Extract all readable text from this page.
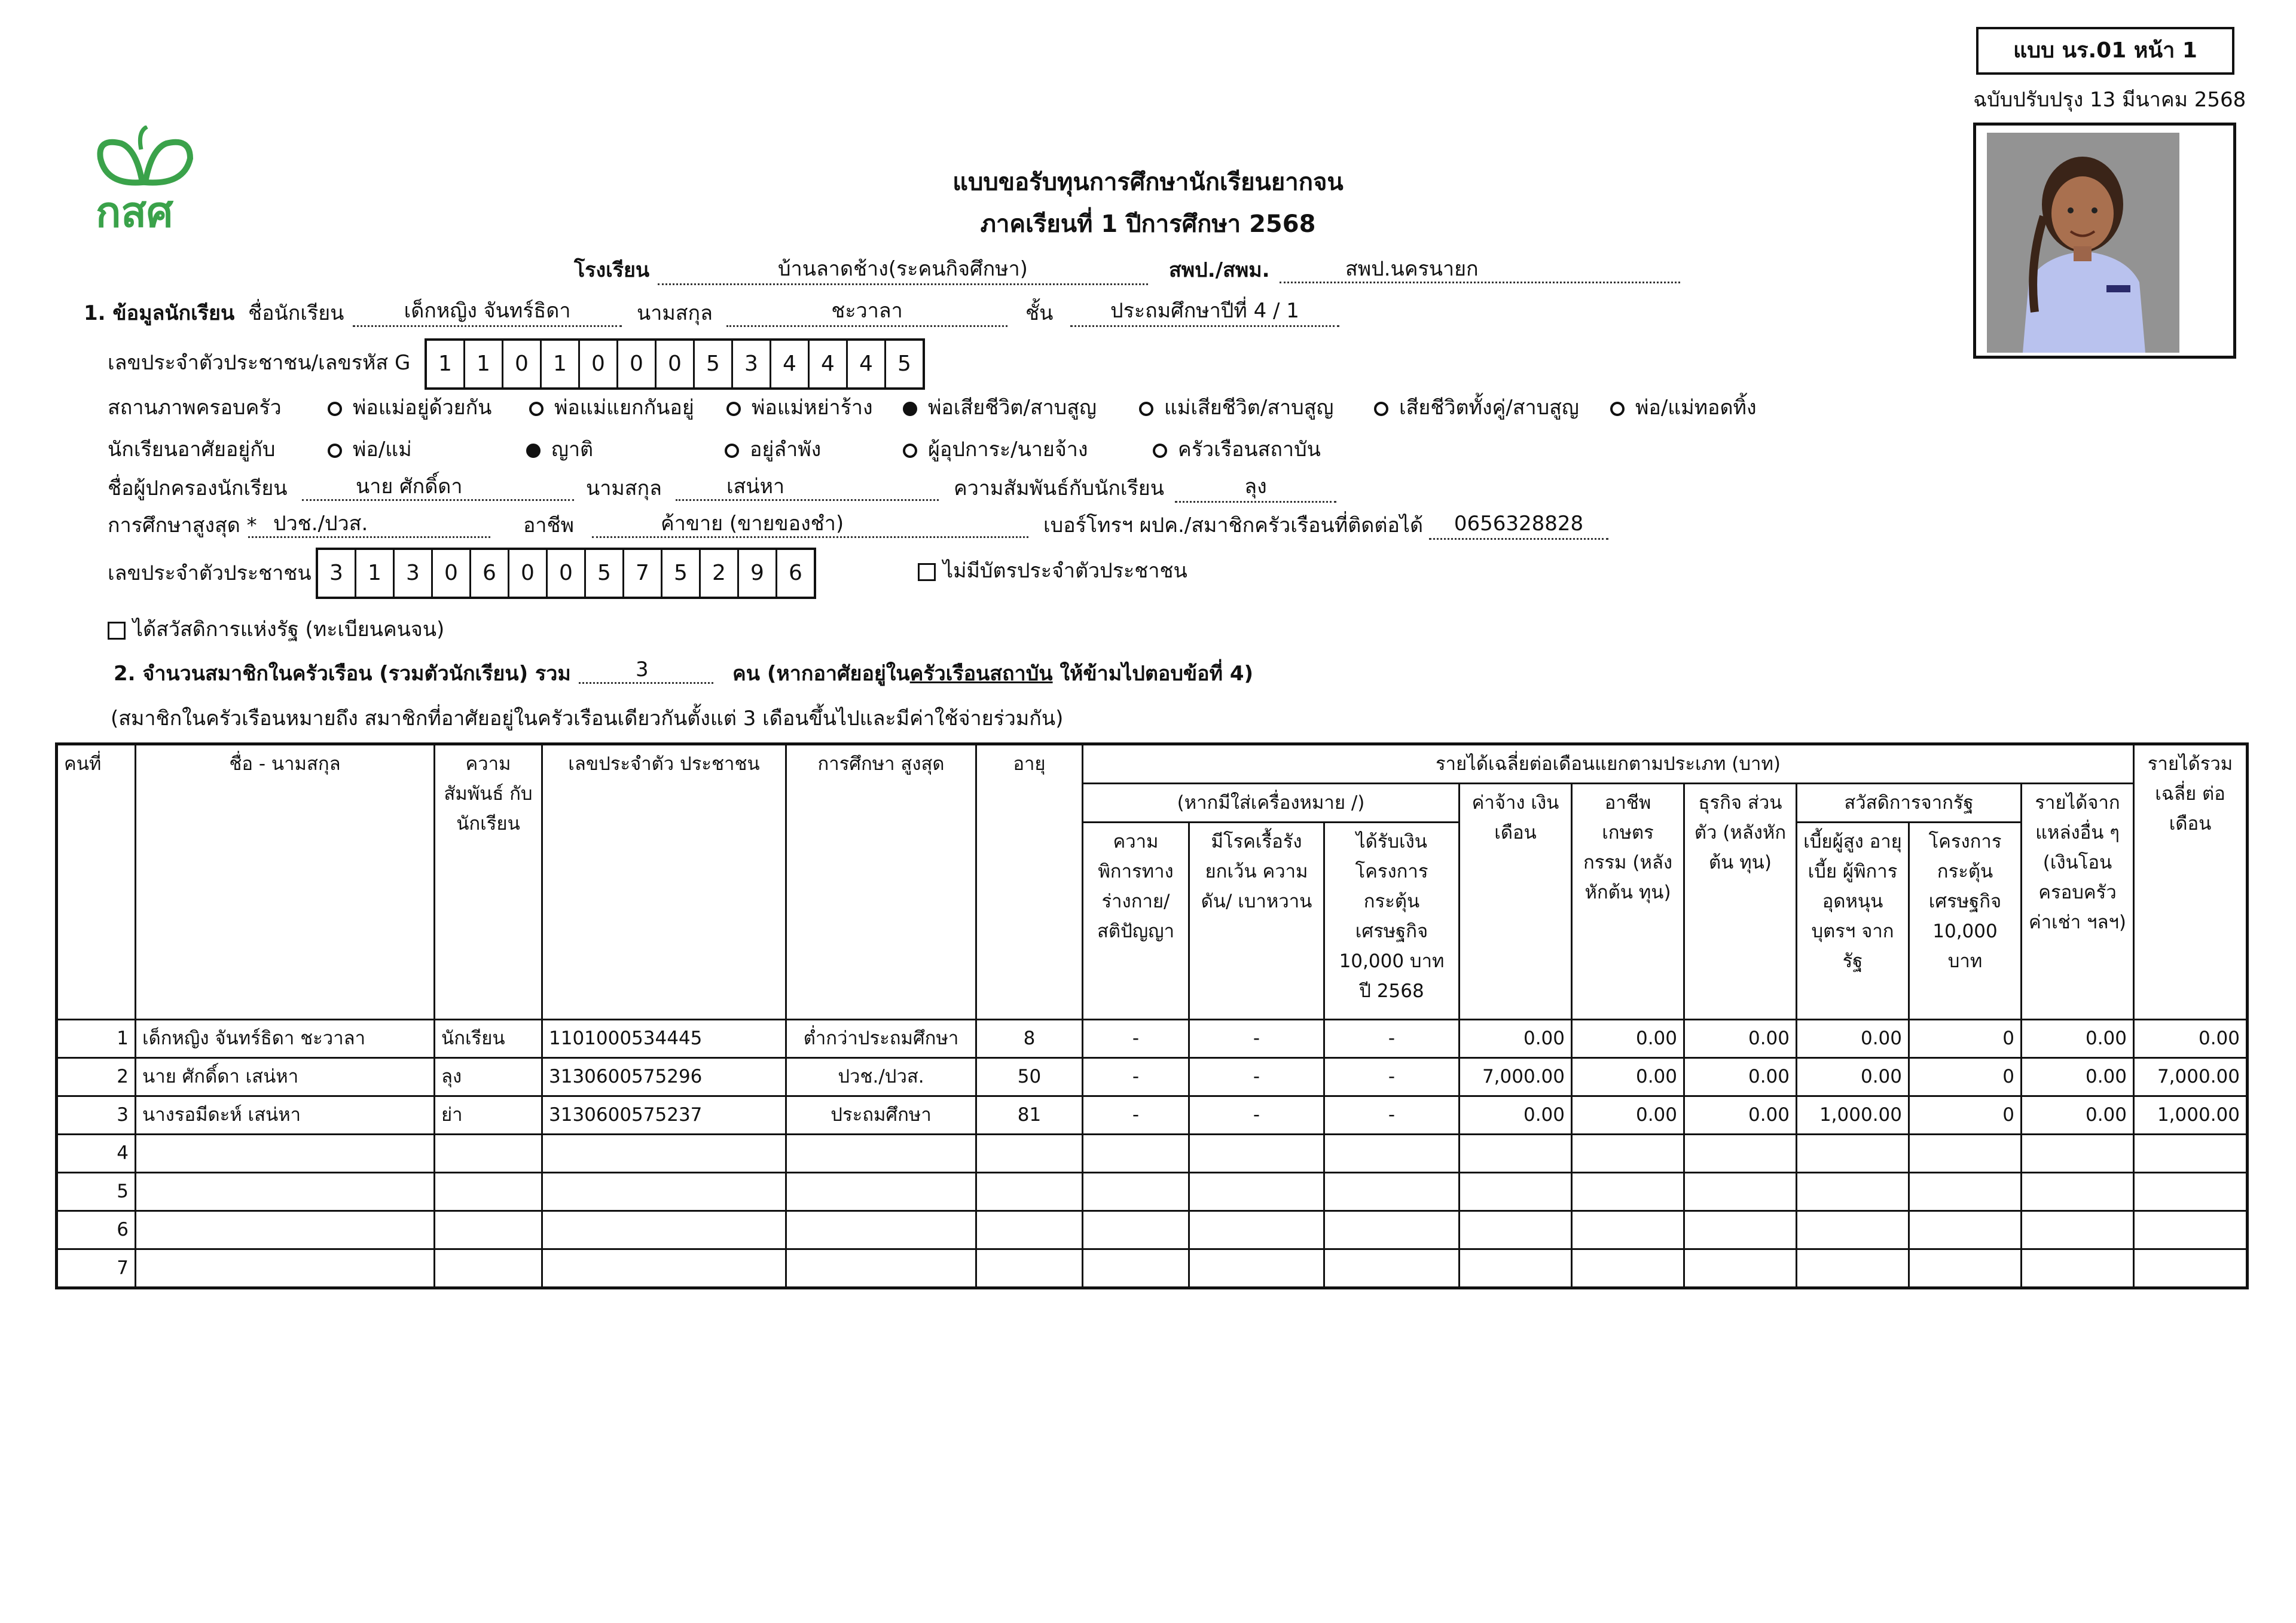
แบบ นร.01 หน้า 1
ฉบับปรับปรุง 13 มีนาคม 2568
กสศ
แบบขอรับทุนการศึกษานักเรียนยากจน
ภาคเรียนที่ 1 ปีการศึกษา 2568
โรงเรียน	บ้านลาดช้าง(ระคนกิจศึกษา)	สพป./สพม.	สพป.นครนายก
1. ข้อมูลนักเรียน ชื่อนักเรียน	เด็กหญิง จันทร์ธิดา	นามสกุล	ชะวาลา	ชั้น	ประถมศึกษาปีที่ 4 / 1
เลขประจำตัวประชาชน/เลขรหัส G	1	1	0	1	0	0	0	5	3	4	4	4	5
สถานภาพครอบครัว	พ่อแม่อยู่ด้วยกัน	พ่อแม่แยกกันอยู่	พ่อแม่หย่าร้าง	พ่อเสียชีวิต/สาบสูญ	แม่เสียชีวิต/สาบสูญ	เสียชีวิตทั้งคู่/สาบสูญ	พ่อ/แม่ทอดทิ้ง
นักเรียนอาศัยอยู่กับ	พ่อ/แม่	ญาติ	อยู่ลำพัง	ผู้อุปการะ/นายจ้าง	ครัวเรือนสถาบัน
ชื่อผู้ปกครองนักเรียน	นาย ศักดิ์ดา	นามสกุล	เสน่หา	ความสัมพันธ์กับนักเรียน	ลุง
การศึกษาสูงสุด * ปวช./ปวส.	อาชีพ	ค้าขาย (ขายของชำ)	เบอร์โทรฯ ผปค./สมาชิกครัวเรือนที่ติดต่อได้	0656328828
เลขประจำตัวประชาชน 3	1	3	0	6	0	0	5	7	5	2	9	6	ไม่มีบัตรประจำตัวประชาชน
ได้สวัสดิการแห่งรัฐ (ทะเบียนคนจน)
2. จำนวนสมาชิกในครัวเรือน (รวมตัวนักเรียน) รวม	3	คน (หากอาศัยอยู่ในครัวเรือนสถาบัน ให้ข้ามไปตอบข้อที่ 4)
(สมาชิกในครัวเรือนหมายถึง สมาชิกที่อาศัยอยู่ในครัวเรือนเดียวกันตั้งแต่ 3 เดือนขึ้นไปและมีค่าใช้จ่ายร่วมกัน)
คนที่	ชื่อ - นามสกุล	ความ สัมพันธ์ กับนักเรียน	เลขประจำตัว ประชาชน	การศึกษา สูงสุด	อายุ	รายได้เฉลี่ยต่อเดือนแยกตามประเภท (บาท)									รายได้รวม เฉลี่ย ต่อเดือน
						(หากมีใส่เครื่องหมาย /)			ค่าจ้าง เงินเดือน	อาชีพ เกษตร กรรม (หลังหักต้น ทุน)	ธุรกิจ ส่วนตัว (หลังหักต้น ทุน)	สวัสดิการจากรัฐ		รายได้จาก แหล่งอื่น ๆ (เงินโอน ครอบครัว ค่าเช่า ฯลฯ)	
						ความ พิการทาง ร่างกาย/ สติปัญญา	มีโรคเรื้อรัง ยกเว้น ความดัน/ เบาหวาน	ได้รับเงิน โครงการ กระตุ้น เศรษฐกิจ 10,000 บาท ปี 2568				เบี้ยผู้สูง อายุเบี้ย ผู้พิการ อุดหนุน บุตรฯ จากรัฐ	โครงการ กระตุ้น เศรษฐกิจ 10,000 บาท		
1	เด็กหญิง จันทร์ธิดา ชะวาลา	นักเรียน	1101000534445	ต่ำกว่าประถมศึกษา	8	-	-	-	0.00	0.00	0.00	0.00	0	0.00	0.00
2	นาย ศักดิ์ดา เสน่หา	ลุง	3130600575296	ปวช./ปวส.	50	-	-	-	7,000.00	0.00	0.00	0.00	0	0.00	7,000.00
3	นางรอมีดะห์ เสน่หา	ย่า	3130600575237	ประถมศึกษา	81	-	-	-	0.00	0.00	0.00	1,000.00	0	0.00	1,000.00
4															
5															
6															
7															
